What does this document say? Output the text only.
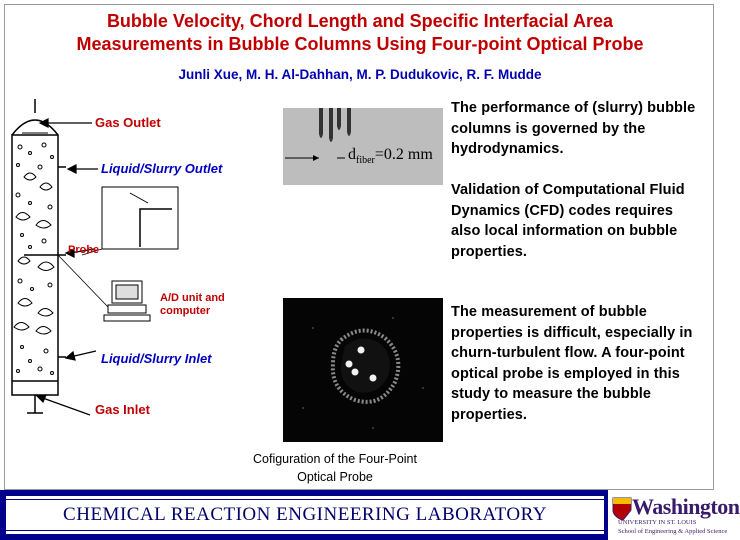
Bubble Velocity, Chord Length and Specific Interfacial Area
Measurements in Bubble Columns Using Four-point Optical Probe
Junli Xue, M. H. Al-Dahhan, M. P. Dudukovic, R. F. Mudde
Gas Outlet
Liquid/Slurry Outlet
Probe
A/D unit and
computer
Liquid/Slurry Inlet
Gas Inlet
$d_{fiber}=0.2$ mm
Cofiguration of the Four-Point
Optical Probe
The performance of (slurry) bubble columns is governed by the hydrodynamics.
Validation of Computational Fluid Dynamics (CFD) codes requires also local information on bubble properties.
The measurement of bubble properties is difficult, especially in churn-turbulent flow. A four-point optical probe is employed in this study to measure the bubble properties.
CHEMICAL REACTION ENGINEERING LABORATORY	Washington
UNIVERSITY IN ST. LOUIS
School of Engineering & Applied Science
